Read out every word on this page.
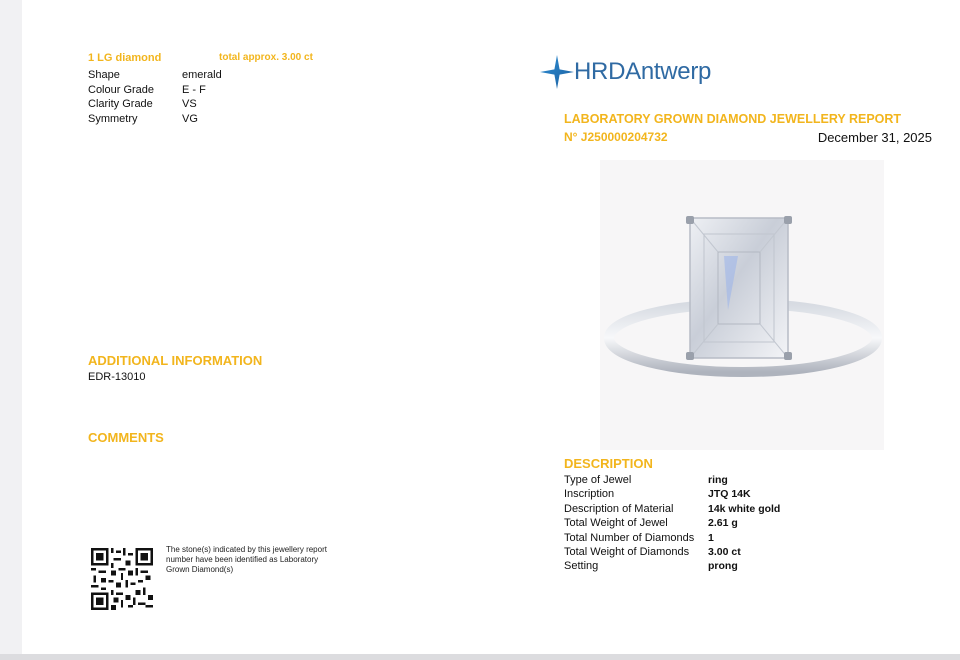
1 LG diamond	total approx. 3.00 ct
Shape	emerald
Colour Grade	E - F
Clarity Grade	VS
Symmetry	VG
ADDITIONAL INFORMATION
EDR-13010
COMMENTS
The stone(s) indicated by this jewellery report number have been identified as Laboratory Grown Diamond(s)
HRDAntwerp
LABORATORY GROWN DIAMOND JEWELLERY REPORT
N° J250000204732	December 31, 2025
DESCRIPTION
Type of Jewel	ring
Inscription	JTQ 14K
Description of Material	14k white gold
Total Weight of Jewel	2.61 g
Total Number of Diamonds	1
Total Weight of Diamonds	3.00 ct
Setting	prong
